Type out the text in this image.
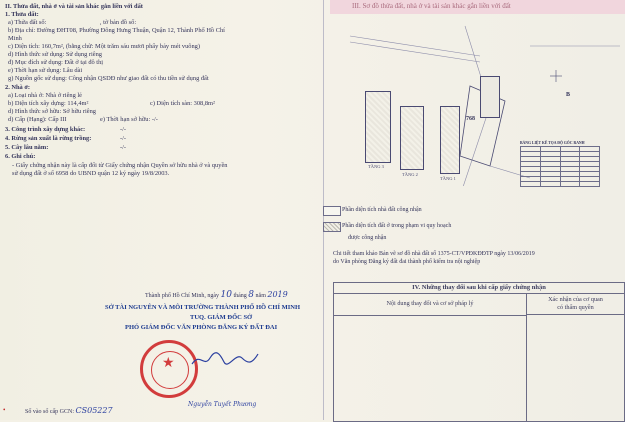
III. Sơ đồ thửa đất, nhà ở và tài sản khác gắn liền với đất
II. Thửa đất, nhà ở và tài sản khác gắn liền với đất
1. Thửa đất:
a) Thửa đất số:	, tờ bản đồ số:
b) Địa chỉ: Đường ĐHT08, Phường Đông Hưng Thuận, Quận 12, Thành Phố Hồ Chí
Minh
c) Diện tích: 160,7m², (bằng chữ: Một trăm sáu mươi phẩy bảy mét vuông)
d) Hình thức sử dụng: Sử dụng riêng
đ) Mục đích sử dụng: Đất ở tại đô thị
e) Thời hạn sử dụng: Lâu dài
g) Nguồn gốc sử dụng: Công nhận QSDĐ như giao đất có thu tiền sử dụng đất
2. Nhà ở:
a) Loại nhà ở: Nhà ở riêng lẻ
b) Diện tích xây dựng: 114,4m²	c) Diện tích sàn: 308,8m²
d) Hình thức sở hữu: Sở hữu riêng
d) Cấp (Hạng): Cấp III	e) Thời hạn sở hữu: -/-
3. Công trình xây dựng khác:	-/-
4. Rừng sản xuất là rừng trồng:	-/-
5. Cây lâu năm:	-/-
6. Ghi chú:
- Giấy chứng nhận này là cấp đổi từ Giấy chứng nhận Quyền sở hữu nhà ở và quyền
sử dụng đất ở số 6958 do UBND quận 12 ký ngày 19/8/2003.
Thành phố Hồ Chí Minh, ngày 10 tháng 8 năm 2019
SỞ TÀI NGUYÊN VÀ MÔI TRƯỜNG THÀNH PHỐ HỒ CHÍ MINH
TUQ. GIÁM ĐỐC SỞ
PHÓ GIÁM ĐỐC VĂN PHÒNG ĐĂNG KÝ ĐẤT ĐAI
★
Nguyễn Tuyết Phương
Số vào sổ cấp GCN: CS05227
•
TẦNG 3
TẦNG 2
TẦNG 1
768
B
BẢNG LIỆT KÊ TỌA ĐỘ GÓC RANH

Phần diện tích nhà đất công nhận
Phần diện tích đất ở trong phạm vi quy hoạch
được công nhận
Chi tiết tham khảo Bản vẽ sơ đồ nhà đất số 1375-CT/VPĐKĐĐTP ngày 13/06/2019
do Văn phòng Đăng ký đất đai thành phố kiểm tra nội nghiệp
IV. Những thay đổi sau khi cấp giấy chứng nhận
Nội dung thay đổi và cơ sở pháp lý
Xác nhận của cơ quan
có thẩm quyền
